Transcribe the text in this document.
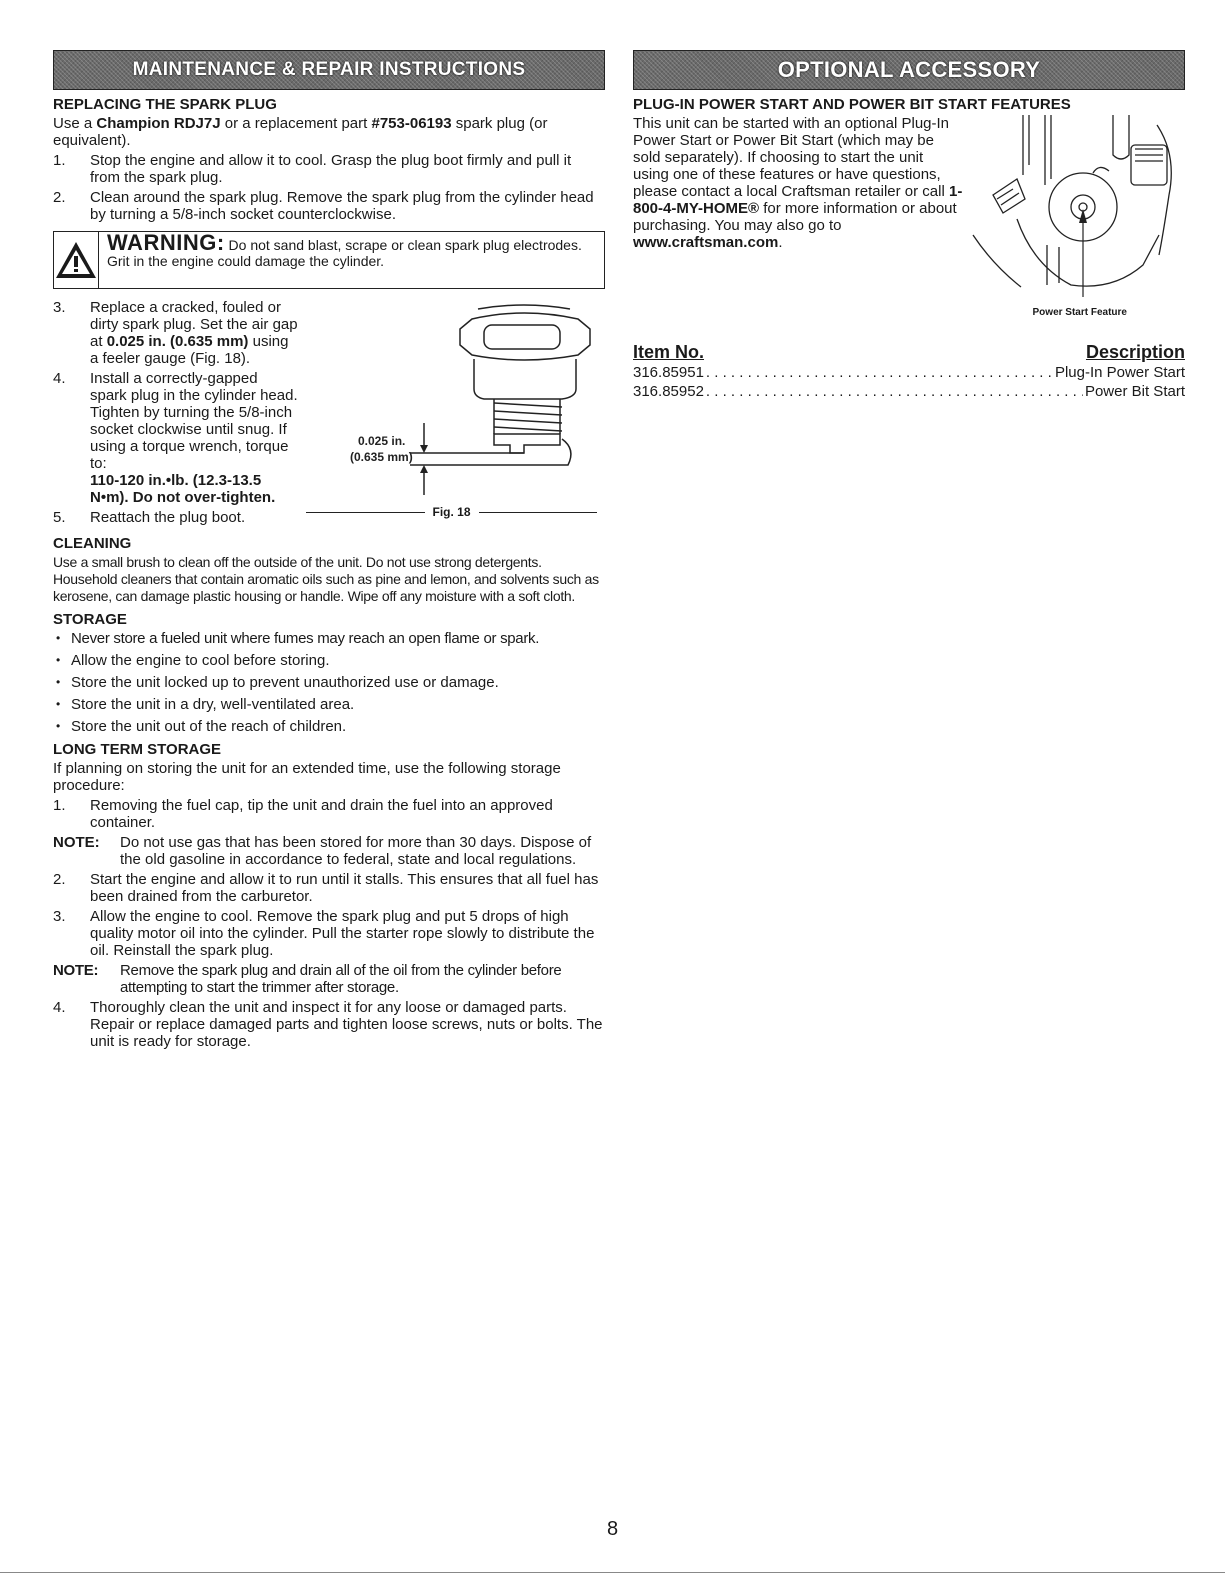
MAINTENANCE & REPAIR INSTRUCTIONS
REPLACING THE SPARK PLUG

Use a Champion RDJ7J or a replacement part #753-06193 spark plug (or equivalent).

1. Stop the engine and allow it to cool. Grasp the plug boot firmly and pull it from the spark plug.
2. Clean around the spark plug. Remove the spark plug from the cylinder head by turning a 5/8-inch socket counterclockwise.
WARNING: Do not sand blast, scrape or clean spark plug electrodes. Grit in the engine could damage the cylinder.
3. Replace a cracked, fouled or dirty spark plug. Set the air gap at 0.025 in. (0.635 mm) using a feeler gauge (Fig. 18).
4. Install a correctly-gapped spark plug in the cylinder head. Tighten by turning the 5/8-inch socket clockwise until snug. If using a torque wrench, torque to:
110-120 in.•lb. (12.3-13.5 N•m). Do not over-tighten.
5. Reattach the plug boot.
0.025 in.
(0.635 mm)
Fig. 18
CLEANING

Use a small brush to clean off the outside of the unit. Do not use strong detergents. Household cleaners that contain aromatic oils such as pine and lemon, and solvents such as kerosene, can damage plastic housing or handle. Wipe off any moisture with a soft cloth.

STORAGE
• Never store a fueled unit where fumes may reach an open flame or spark.
• Allow the engine to cool before storing.
• Store the unit locked up to prevent unauthorized use or damage.
• Store the unit in a dry, well-ventilated area.
• Store the unit out of the reach of children.
LONG TERM STORAGE

If planning on storing the unit for an extended time, use the following storage procedure:

1. Removing the fuel cap, tip the unit and drain the fuel into an approved container.
NOTE: Do not use gas that has been stored for more than 30 days. Dispose of the old gasoline in accordance to federal, state and local regulations.
2. Start the engine and allow it to run until it stalls. This ensures that all fuel has been drained from the carburetor.
3. Allow the engine to cool. Remove the spark plug and put 5 drops of high quality motor oil into the cylinder. Pull the starter rope slowly to distribute the oil. Reinstall the spark plug.
NOTE: Remove the spark plug and drain all of the oil from the cylinder before attempting to start the trimmer after storage.
4. Thoroughly clean the unit and inspect it for any loose or damaged parts. Repair or replace damaged parts and tighten loose screws, nuts or bolts. The unit is ready for storage.
OPTIONAL ACCESSORY
PLUG-IN POWER START AND POWER BIT START FEATURES

This unit can be started with an optional Plug-In Power Start or Power Bit Start (which may be sold separately). If choosing to start the unit using one of these features or have questions, please contact a local Craftsman retailer or call 1-800-4-MY-HOME® for more information or about purchasing. You may also go to www.craftsman.com.

Power Start Feature
Item No.	Description
316.85951 . . .	Plug-In Power Start
316.85952 . . .	Power Bit Start
8
